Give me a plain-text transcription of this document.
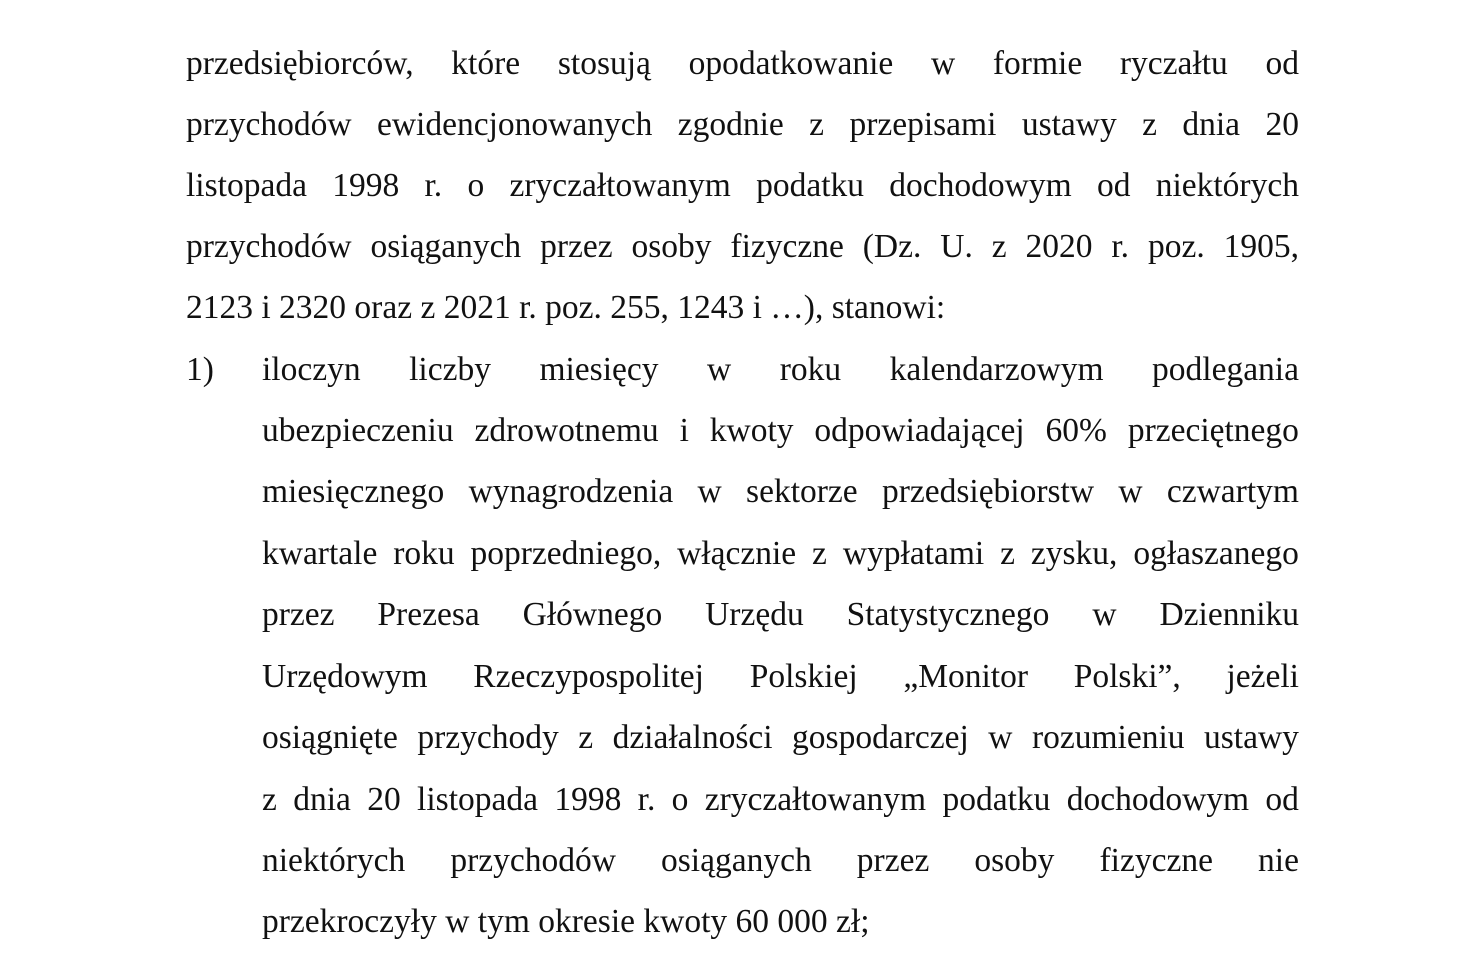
przedsiębiorców, które stosują opodatkowanie w formie ryczałtu od
przychodów ewidencjonowanych zgodnie z przepisami ustawy z dnia 20
listopada 1998 r. o zryczałtowanym podatku dochodowym od niektórych
przychodów osiąganych przez osoby fizyczne (Dz. U. z 2020 r. poz. 1905,
2123 i 2320 oraz z 2021 r. poz. 255, 1243 i …), stanowi:
1) iloczyn liczby miesięcy w roku kalendarzowym podlegania
ubezpieczeniu zdrowotnemu i kwoty odpowiadającej 60% przeciętnego
miesięcznego wynagrodzenia w sektorze przedsiębiorstw w czwartym
kwartale roku poprzedniego, włącznie z wypłatami z zysku, ogłaszanego
przez Prezesa Głównego Urzędu Statystycznego w Dzienniku
Urzędowym Rzeczypospolitej Polskiej „Monitor Polski”, jeżeli
osiągnięte przychody z działalności gospodarczej w rozumieniu ustawy
z dnia 20 listopada 1998 r. o zryczałtowanym podatku dochodowym od
niektórych przychodów osiąganych przez osoby fizyczne nie
przekroczyły w tym okresie kwoty 60 000 zł;
